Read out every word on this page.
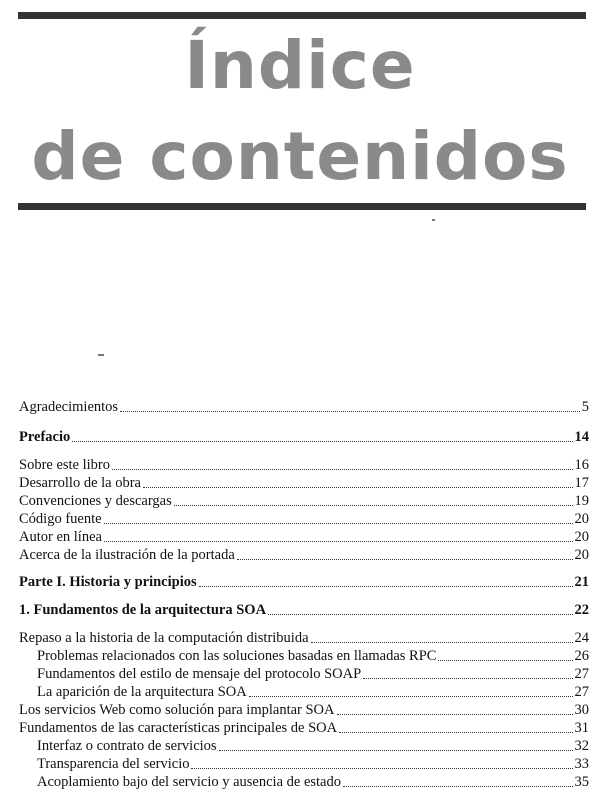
Índice
de contenidos
Agradecimientos	5
Prefacio	14
Sobre este libro	16
Desarrollo de la obra	17
Convenciones y descargas	19
Código fuente	20
Autor en línea	20
Acerca de la ilustración de la portada	20
Parte I. Historia y principios	21
1. Fundamentos de la arquitectura SOA	22
Repaso a la historia de la computación distribuida	24
Problemas relacionados con las soluciones basadas en llamadas RPC	26
Fundamentos del estilo de mensaje del protocolo SOAP	27
La aparición de la arquitectura SOA	27
Los servicios Web como solución para implantar SOA	30
Fundamentos de las características principales de SOA	31
Interfaz o contrato de servicios	32
Transparencia del servicio	33
Acoplamiento bajo del servicio y ausencia de estado	35
